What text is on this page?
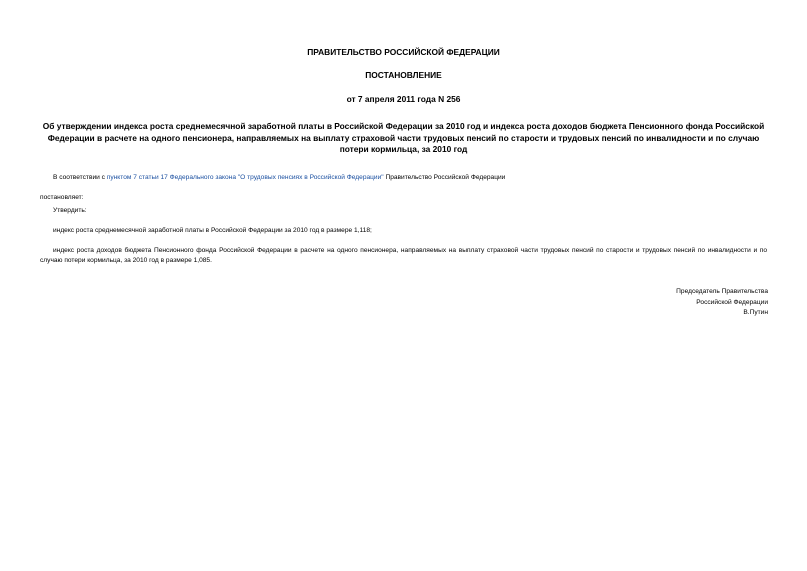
ПРАВИТЕЛЬСТВО РОССИЙСКОЙ ФЕДЕРАЦИИ
ПОСТАНОВЛЕНИЕ
от 7 апреля 2011 года N 256
Об утверждении индекса роста среднемесячной заработной платы в Российской Федерации за 2010 год и индекса роста доходов бюджета Пенсионного фонда Российской Федерации в расчете на одного пенсионера, направляемых на выплату страховой части трудовых пенсий по старости и трудовых пенсий по инвалидности и по случаю потери кормильца, за 2010 год
В соответствии с пунктом 7 статьи 17 Федерального закона "О трудовых пенсиях в Российской Федерации" Правительство Российской Федерации
постановляет:
Утвердить:
индекс роста среднемесячной заработной платы в Российской Федерации за 2010 год в размере 1,118;
индекс роста доходов бюджета Пенсионного фонда Российской Федерации в расчете на одного пенсионера, направляемых на выплату страховой части трудовых пенсий по старости и трудовых пенсий по инвалидности и по случаю потери кормильца, за 2010 год в размере 1,085.
Председатель Правительства
Российской Федерации
В.Путин
